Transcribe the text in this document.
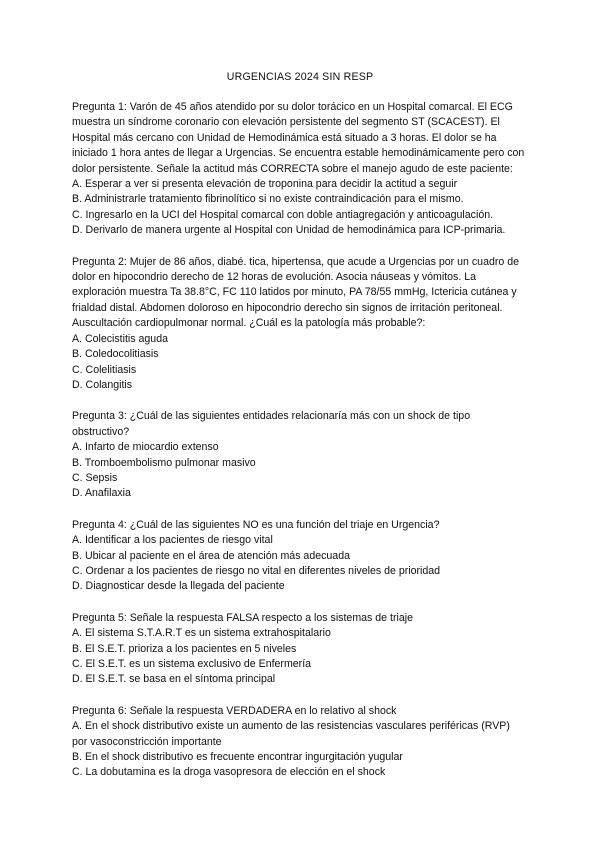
URGENCIAS 2024 SIN RESP

Pregunta 1: Varón de 45 años atendido por su dolor torácico en un Hospital comarcal. El ECG muestra un síndrome coronario con elevación persistente del segmento ST (SCACEST). El Hospital más cercano con Unidad de Hemodinámica está situado a 3 horas. El dolor se ha iniciado 1 hora antes de llegar a Urgencias. Se encuentra estable hemodinámicamente pero con dolor persistente. Señale la actitud más CORRECTA sobre el manejo agudo de este paciente:

A. Esperar a ver si presenta elevación de troponina para decidir la actitud a seguir

B. Administrarle tratamiento fibrinolítico si no existe contraindicación para el mismo.

C. Ingresarlo en la UCI del Hospital comarcal con doble antiagregación y anticoagulación.

D. Derivarlo de manera urgente al Hospital con Unidad de hemodinámica para ICP-primaria.

Pregunta 2: Mujer de 86 años, diabé. tica, hipertensa, que acude a Urgencias por un cuadro de dolor en hipocondrio derecho de 12 horas de evolución. Asocia náuseas y vómitos. La exploración muestra Ta 38.8°C, FC 110 latidos por minuto, PA 78/55 mmHg, Ictericia cutánea y frialdad distal. Abdomen doloroso en hipocondrio derecho sin signos de irritación peritoneal. Auscultación cardiopulmonar normal. ¿Cuál es la patología más probable?:

A. Colecistitis aguda

B. Coledocolitiasis

C. Colelitiasis

D. Colangitis

Pregunta 3: ¿Cuál de las siguientes entidades relacionaría más con un shock de tipo obstructivo?

A. Infarto de miocardio extenso

B. Tromboembolismo pulmonar masivo

C. Sepsis

D. Anafilaxia

Pregunta 4: ¿Cuál de las siguientes NO es una función del triaje en Urgencia?

A. Identificar a los pacientes de riesgo vital

B. Ubicar al paciente en el área de atención más adecuada

C. Ordenar a los pacientes de riesgo no vital en diferentes niveles de prioridad

D. Diagnosticar desde la llegada del paciente

Pregunta 5: Señale la respuesta FALSA respecto a los sistemas de triaje

A. El sistema S.T.A.R.T es un sistema extrahospitalario

B. El S.E.T. prioriza a los pacientes en 5 niveles

C. El S.E.T. es un sistema exclusivo de Enfermería

D. El S.E.T. se basa en el síntoma principal

Pregunta 6: Señale la respuesta VERDADERA en lo relativo al shock

A. En el shock distributivo existe un aumento de las resistencias vasculares periféricas (RVP)

por vasoconstricción importante

B. En el shock distributivo es frecuente encontrar ingurgitación yugular

C. La dobutamina es la droga vasopresora de elección en el shock
